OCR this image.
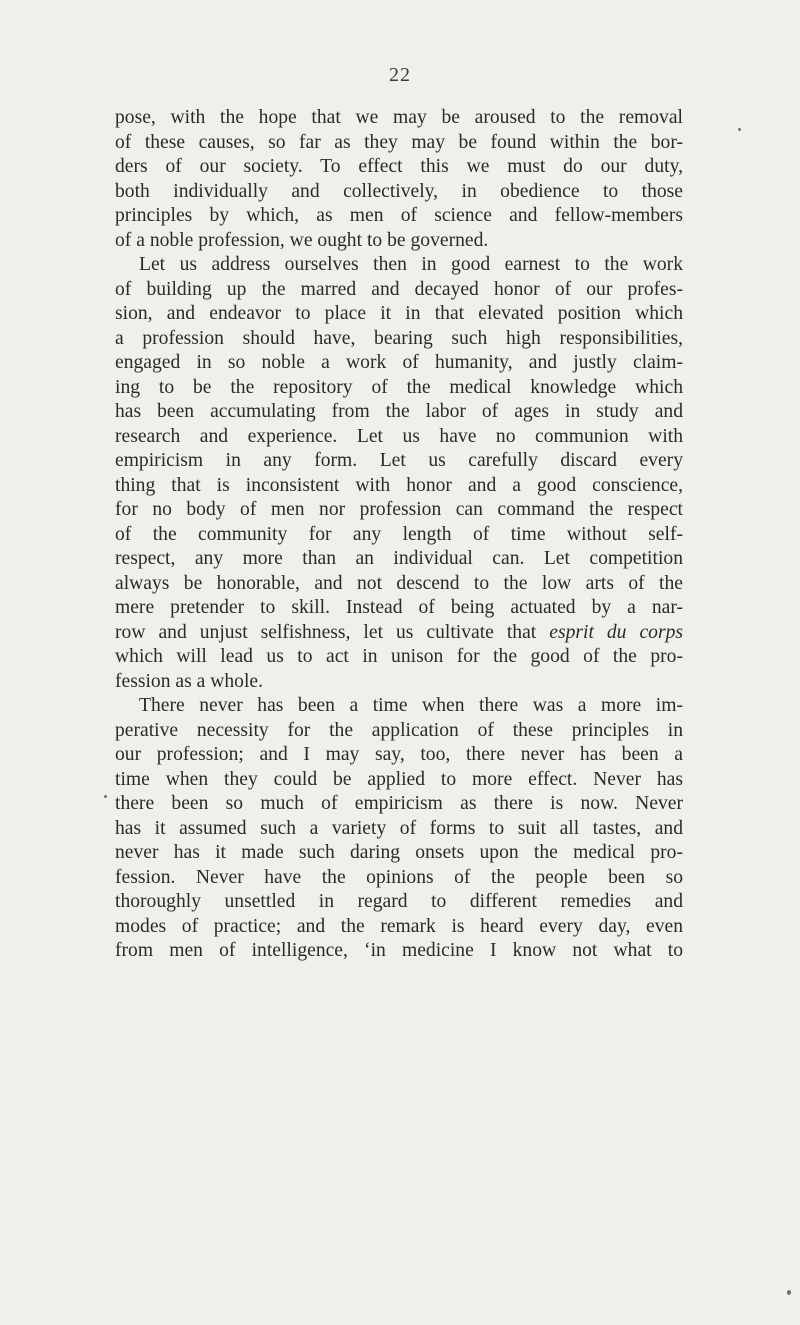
22
pose, with the hope that we may be aroused to the removal
of these causes, so far as they may be found within the bor-
ders of our society. To effect this we must do our duty,
both individually and collectively, in obedience to those
principles by which, as men of science and fellow-members
of a noble profession, we ought to be governed.
Let us address ourselves then in good earnest to the work
of building up the marred and decayed honor of our profes-
sion, and endeavor to place it in that elevated position which
a profession should have, bearing such high responsibilities,
engaged in so noble a work of humanity, and justly claim-
ing to be the repository of the medical knowledge which
has been accumulating from the labor of ages in study and
research and experience. Let us have no communion with
empiricism in any form. Let us carefully discard every
thing that is inconsistent with honor and a good conscience,
for no body of men nor profession can command the respect
of the community for any length of time without self-
respect, any more than an individual can. Let competition
always be honorable, and not descend to the low arts of the
mere pretender to skill. Instead of being actuated by a nar-
row and unjust selfishness, let us cultivate that esprit du corps
which will lead us to act in unison for the good of the pro-
fession as a whole.
There never has been a time when there was a more im-
perative necessity for the application of these principles in
our profession; and I may say, too, there never has been a
time when they could be applied to more effect. Never has
there been so much of empiricism as there is now. Never
has it assumed such a variety of forms to suit all tastes, and
never has it made such daring onsets upon the medical pro-
fession. Never have the opinions of the people been so
thoroughly unsettled in regard to different remedies and
modes of practice; and the remark is heard every day, even
from men of intelligence, ‘in medicine I know not what to
